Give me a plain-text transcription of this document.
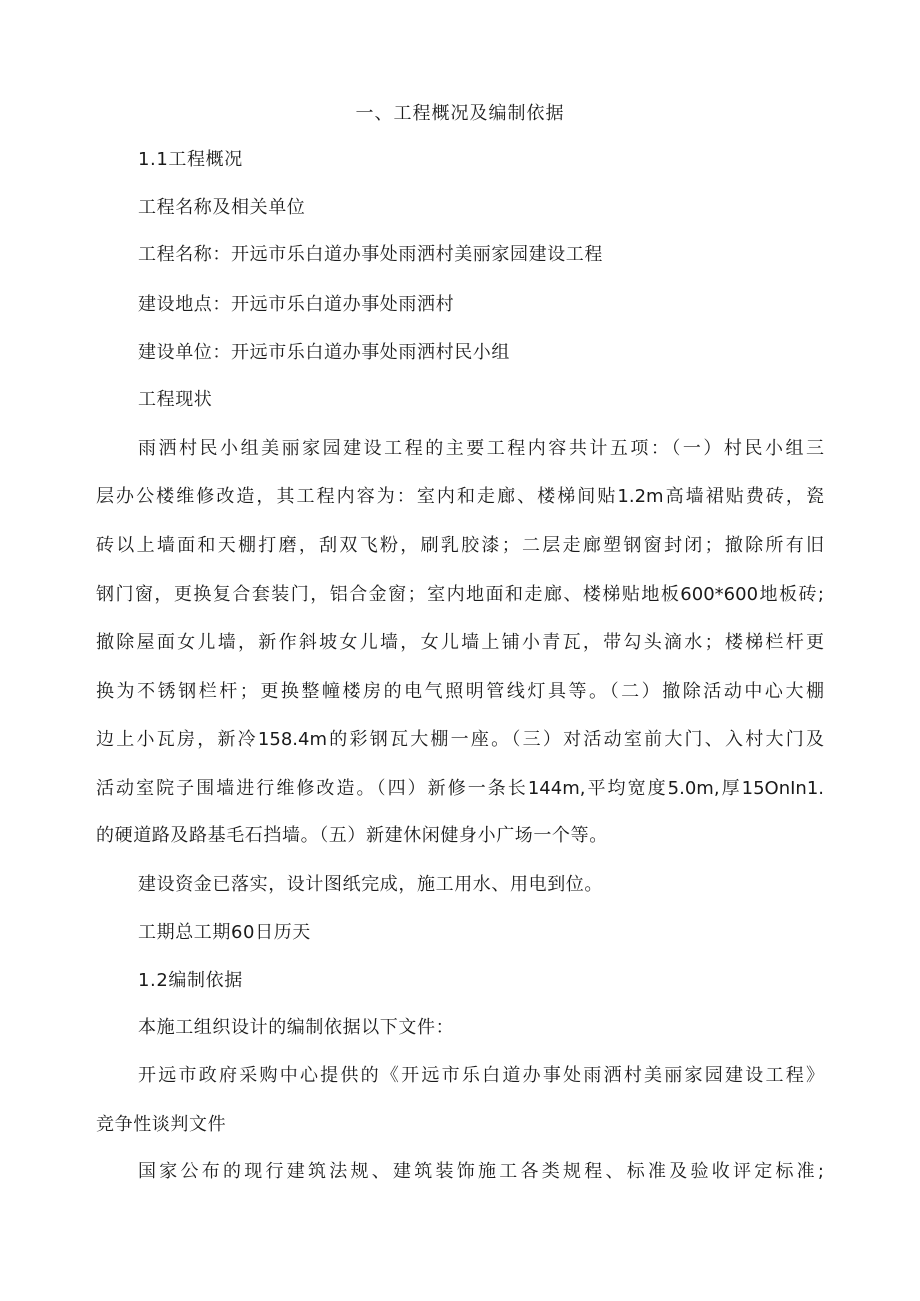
一、工程概况及编制依据
1.1工程概况
工程名称及相关单位
工程名称：开远市乐白道办事处雨洒村美丽家园建设工程
建设地点：开远市乐白道办事处雨洒村
建设单位：开远市乐白道办事处雨洒村民小组
工程现状
雨洒村民小组美丽家园建设工程的主要工程内容共计五项：（一）村民小组三
层办公楼维修改造，其工程内容为：室内和走廊、楼梯间贴1.2m高墙裙贴费砖，瓷
砖以上墙面和天棚打磨，刮双飞粉，刷乳胶漆；二层走廊塑钢窗封闭；撤除所有旧
钢门窗，更换复合套装门，铝合金窗；室内地面和走廊、楼梯贴地板600*600地板砖;
撤除屋面女儿墙，新作斜坡女儿墙，女儿墙上铺小青瓦，带勾头滴水；楼梯栏杆更
换为不锈钢栏杆；更换整幢楼房的电气照明管线灯具等。（二）撤除活动中心大棚
边上小瓦房，新冷158.4m的彩钢瓦大棚一座。（三）对活动室前大门、入村大门及
活动室院子围墙进行维修改造。（四）新修一条长144m,平均宽度5.0m,厚15OnIn1.
的硬道路及路基毛石挡墙。（五）新建休闲健身小广场一个等。
建设资金已落实，设计图纸完成，施工用水、用电到位。
工期总工期60日历天
1.2编制依据
本施工组织设计的编制依据以下文件：
开远市政府采购中心提供的《开远市乐白道办事处雨洒村美丽家园建设工程》
竞争性谈判文件
国家公布的现行建筑法规、建筑装饰施工各类规程、标准及验收评定标准;
